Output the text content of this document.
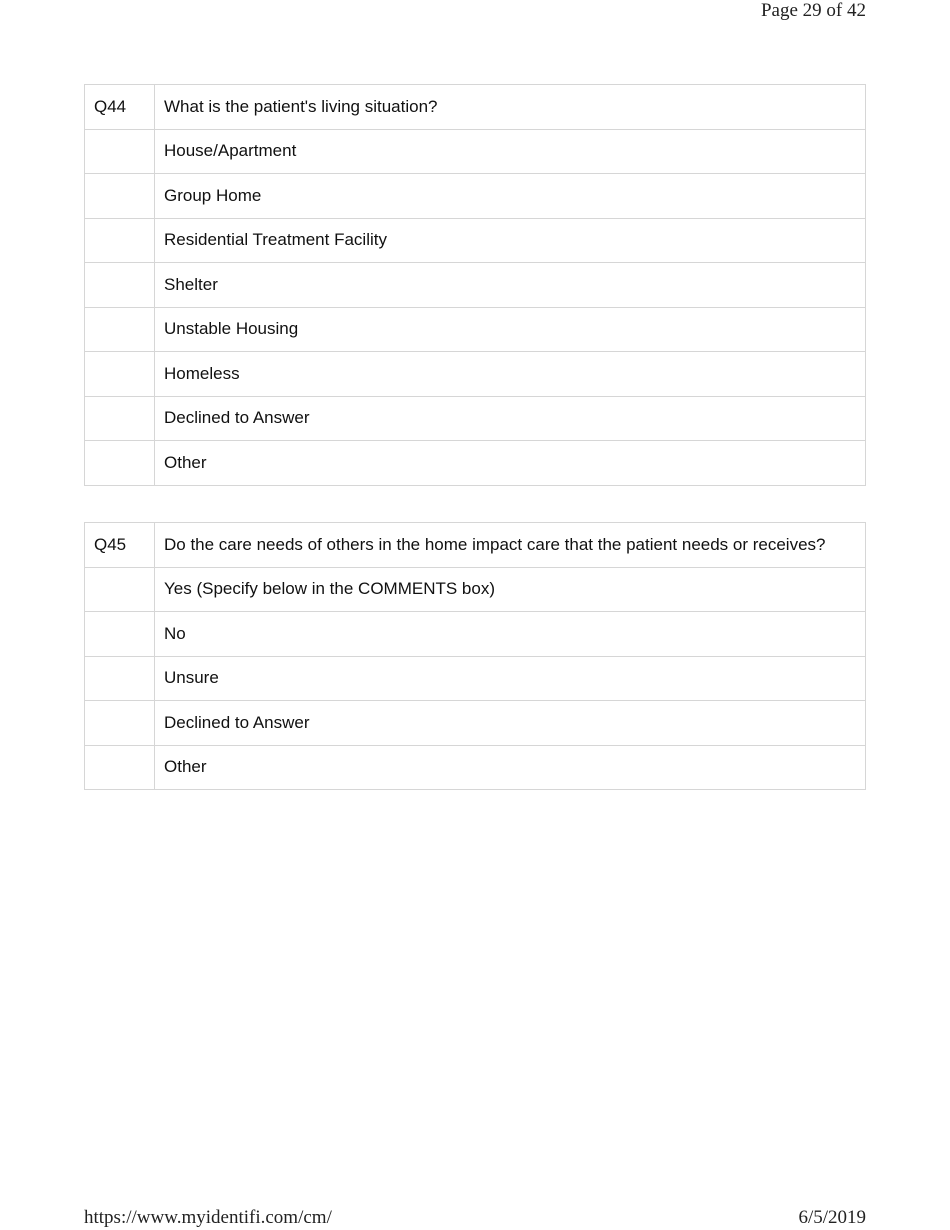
Page 29 of 42
Q44	What is the patient's living situation?
	House/Apartment
	Group Home
	Residential Treatment Facility
	Shelter
	Unstable Housing
	Homeless
	Declined to Answer
	Other
Q45	Do the care needs of others in the home impact care that the patient needs or receives?
	Yes (Specify below in the COMMENTS box)
	No
	Unsure
	Declined to Answer
	Other
https://www.myidentifi.com/cm/	6/5/2019
